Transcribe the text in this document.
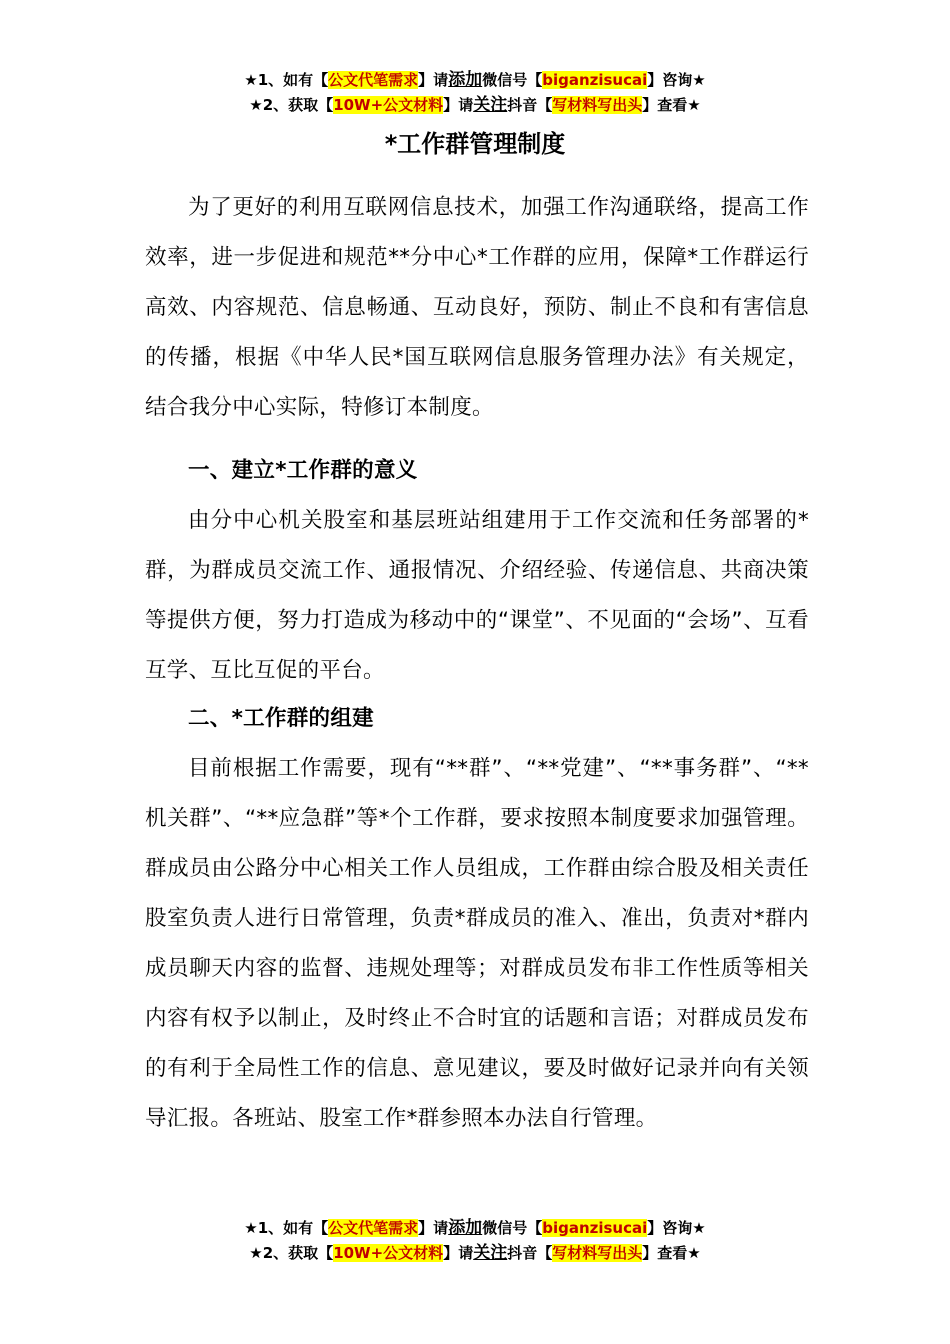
★1、如有【公文代笔需求】请添加微信号【biganzisucai】咨询★
★2、获取【10W+公文材料】请关注抖音【写材料写出头】查看★
*工作群管理制度

为了更好的利用互联网信息技术，加强工作沟通联络，提高工作效率，进一步促进和规范**分中心*工作群的应用，保障*工作群运行高效、内容规范、信息畅通、互动良好，预防、制止不良和有害信息的传播，根据《中华人民*国互联网信息服务管理办法》有关规定，结合我分中心实际，特修订本制度。

一、建立*工作群的意义

由分中心机关股室和基层班站组建用于工作交流和任务部署的*群，为群成员交流工作、通报情况、介绍经验、传递信息、共商决策等提供方便，努力打造成为移动中的“课堂”、不见面的“会场”、互看互学、互比互促的平台。

二、*工作群的组建

目前根据工作需要，现有“**群”、“**党建”、“**事务群”、“**机关群”、“**应急群”等*个工作群，要求按照本制度要求加强管理。群成员由公路分中心相关工作人员组成，工作群由综合股及相关责任股室负责人进行日常管理，负责*群成员的准入、准出，负责对*群内成员聊天内容的监督、违规处理等；对群成员发布非工作性质等相关内容有权予以制止，及时终止不合时宜的话题和言语；对群成员发布的有利于全局性工作的信息、意见建议，要及时做好记录并向有关领导汇报。各班站、股室工作*群参照本办法自行管理。

★1、如有【公文代笔需求】请添加微信号【biganzisucai】咨询★
★2、获取【10W+公文材料】请关注抖音【写材料写出头】查看★
